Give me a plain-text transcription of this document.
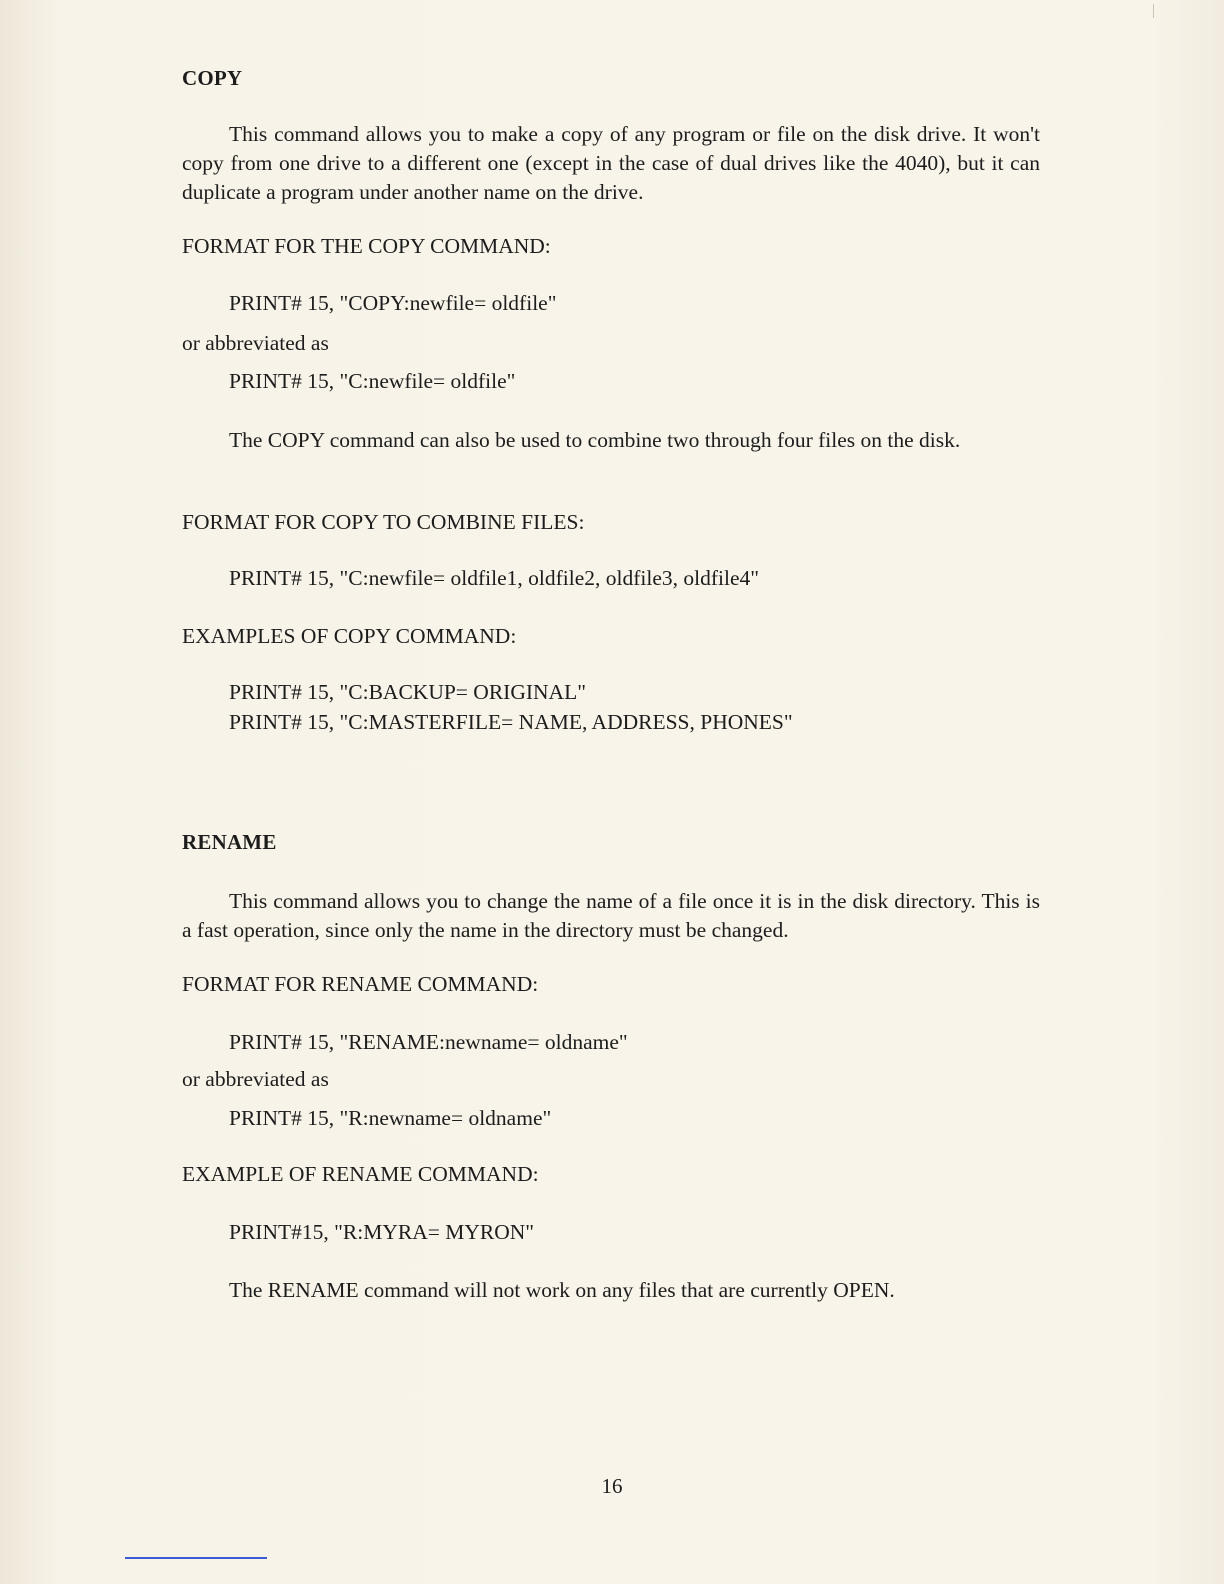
COPY

This command allows you to make a copy of any program or file on the disk drive. It won't copy from one drive to a different one (except in the case of dual drives like the 4040), but it can duplicate a program under another name on the drive.

FORMAT FOR THE COPY COMMAND:
PRINT# 15, "COPY:newfile= oldfile"
or abbreviated as
PRINT# 15, "C:newfile= oldfile"

The COPY command can also be used to combine two through four files on the disk.

FORMAT FOR COPY TO COMBINE FILES:
PRINT# 15, "C:newfile= oldfile1, oldfile2, oldfile3, oldfile4"
EXAMPLES OF COPY COMMAND:
PRINT# 15, "C:BACKUP= ORIGINAL"
PRINT# 15, "C:MASTERFILE= NAME, ADDRESS, PHONES"
RENAME

This command allows you to change the name of a file once it is in the disk directory. This is a fast operation, since only the name in the directory must be changed.

FORMAT FOR RENAME COMMAND:
PRINT# 15, "RENAME:newname= oldname"
or abbreviated as
PRINT# 15, "R:newname= oldname"
EXAMPLE OF RENAME COMMAND:
PRINT#15, "R:MYRA= MYRON"

The RENAME command will not work on any files that are currently OPEN.

16
